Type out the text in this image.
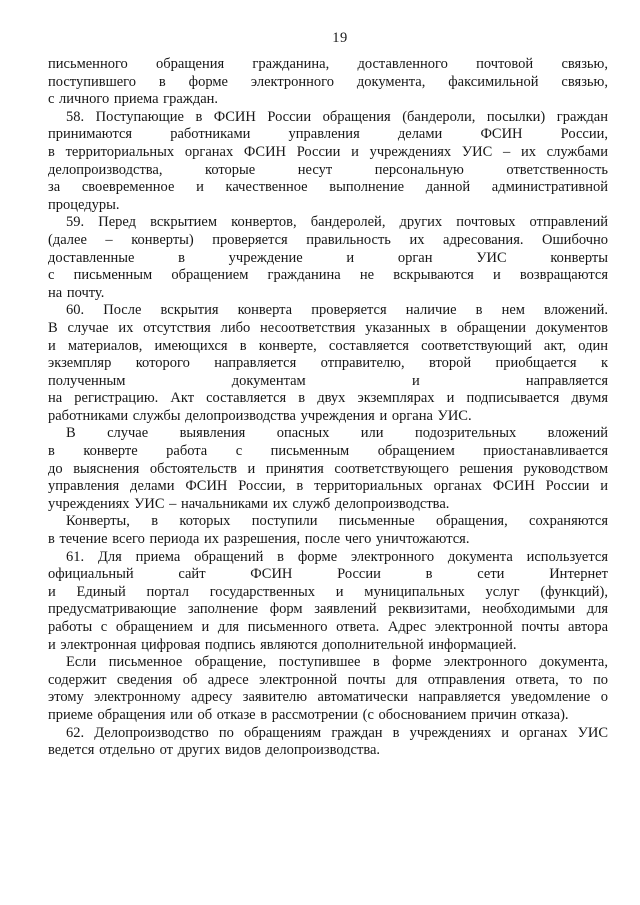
19
письменного обращения гражданина, доставленного почтовой связью,
поступившего в форме электронного документа, факсимильной связью,
с личного приема граждан.
58. Поступающие в ФСИН России обращения (бандероли, посылки) граждан
принимаются работниками управления делами ФСИН России,
в территориальных органах ФСИН России и учреждениях УИС – их службами
делопроизводства, которые несут персональную ответственность
за своевременное и качественное выполнение данной административной
процедуры.
59. Перед вскрытием конвертов, бандеролей, других почтовых отправлений
(далее – конверты) проверяется правильность их адресования. Ошибочно
доставленные в учреждение и орган УИС конверты
с письменным обращением гражданина не вскрываются и возвращаются
на почту.
60. После вскрытия конверта проверяется наличие в нем вложений.
В случае их отсутствия либо несоответствия указанных в обращении документов
и материалов, имеющихся в конверте, составляется соответствующий акт, один
экземпляр которого направляется отправителю, второй приобщается к
полученным документам и направляется
на регистрацию. Акт составляется в двух экземплярах и подписывается двумя
работниками службы делопроизводства учреждения и органа УИС.
В случае выявления опасных или подозрительных вложений
в конверте работа с письменным обращением приостанавливается
до выяснения обстоятельств и принятия соответствующего решения руководством
управления делами ФСИН России, в территориальных органах ФСИН России и
учреждениях УИС – начальниками их служб делопроизводства.
Конверты, в которых поступили письменные обращения, сохраняются
в течение всего периода их разрешения, после чего уничтожаются.
61. Для приема обращений в форме электронного документа используется
официальный сайт ФСИН России в сети Интернет
и Единый портал государственных и муниципальных услуг (функций),
предусматривающие заполнение форм заявлений реквизитами, необходимыми для
работы с обращением и для письменного ответа. Адрес электронной почты автора
и электронная цифровая подпись являются дополнительной информацией.
Если письменное обращение, поступившее в форме электронного документа,
содержит сведения об адресе электронной почты для отправления ответа, то по
этому электронному адресу заявителю автоматически направляется уведомление о
приеме обращения или об отказе в рассмотрении (с обоснованием причин отказа).
62. Делопроизводство по обращениям граждан в учреждениях и органах УИС
ведется отдельно от других видов делопроизводства.
